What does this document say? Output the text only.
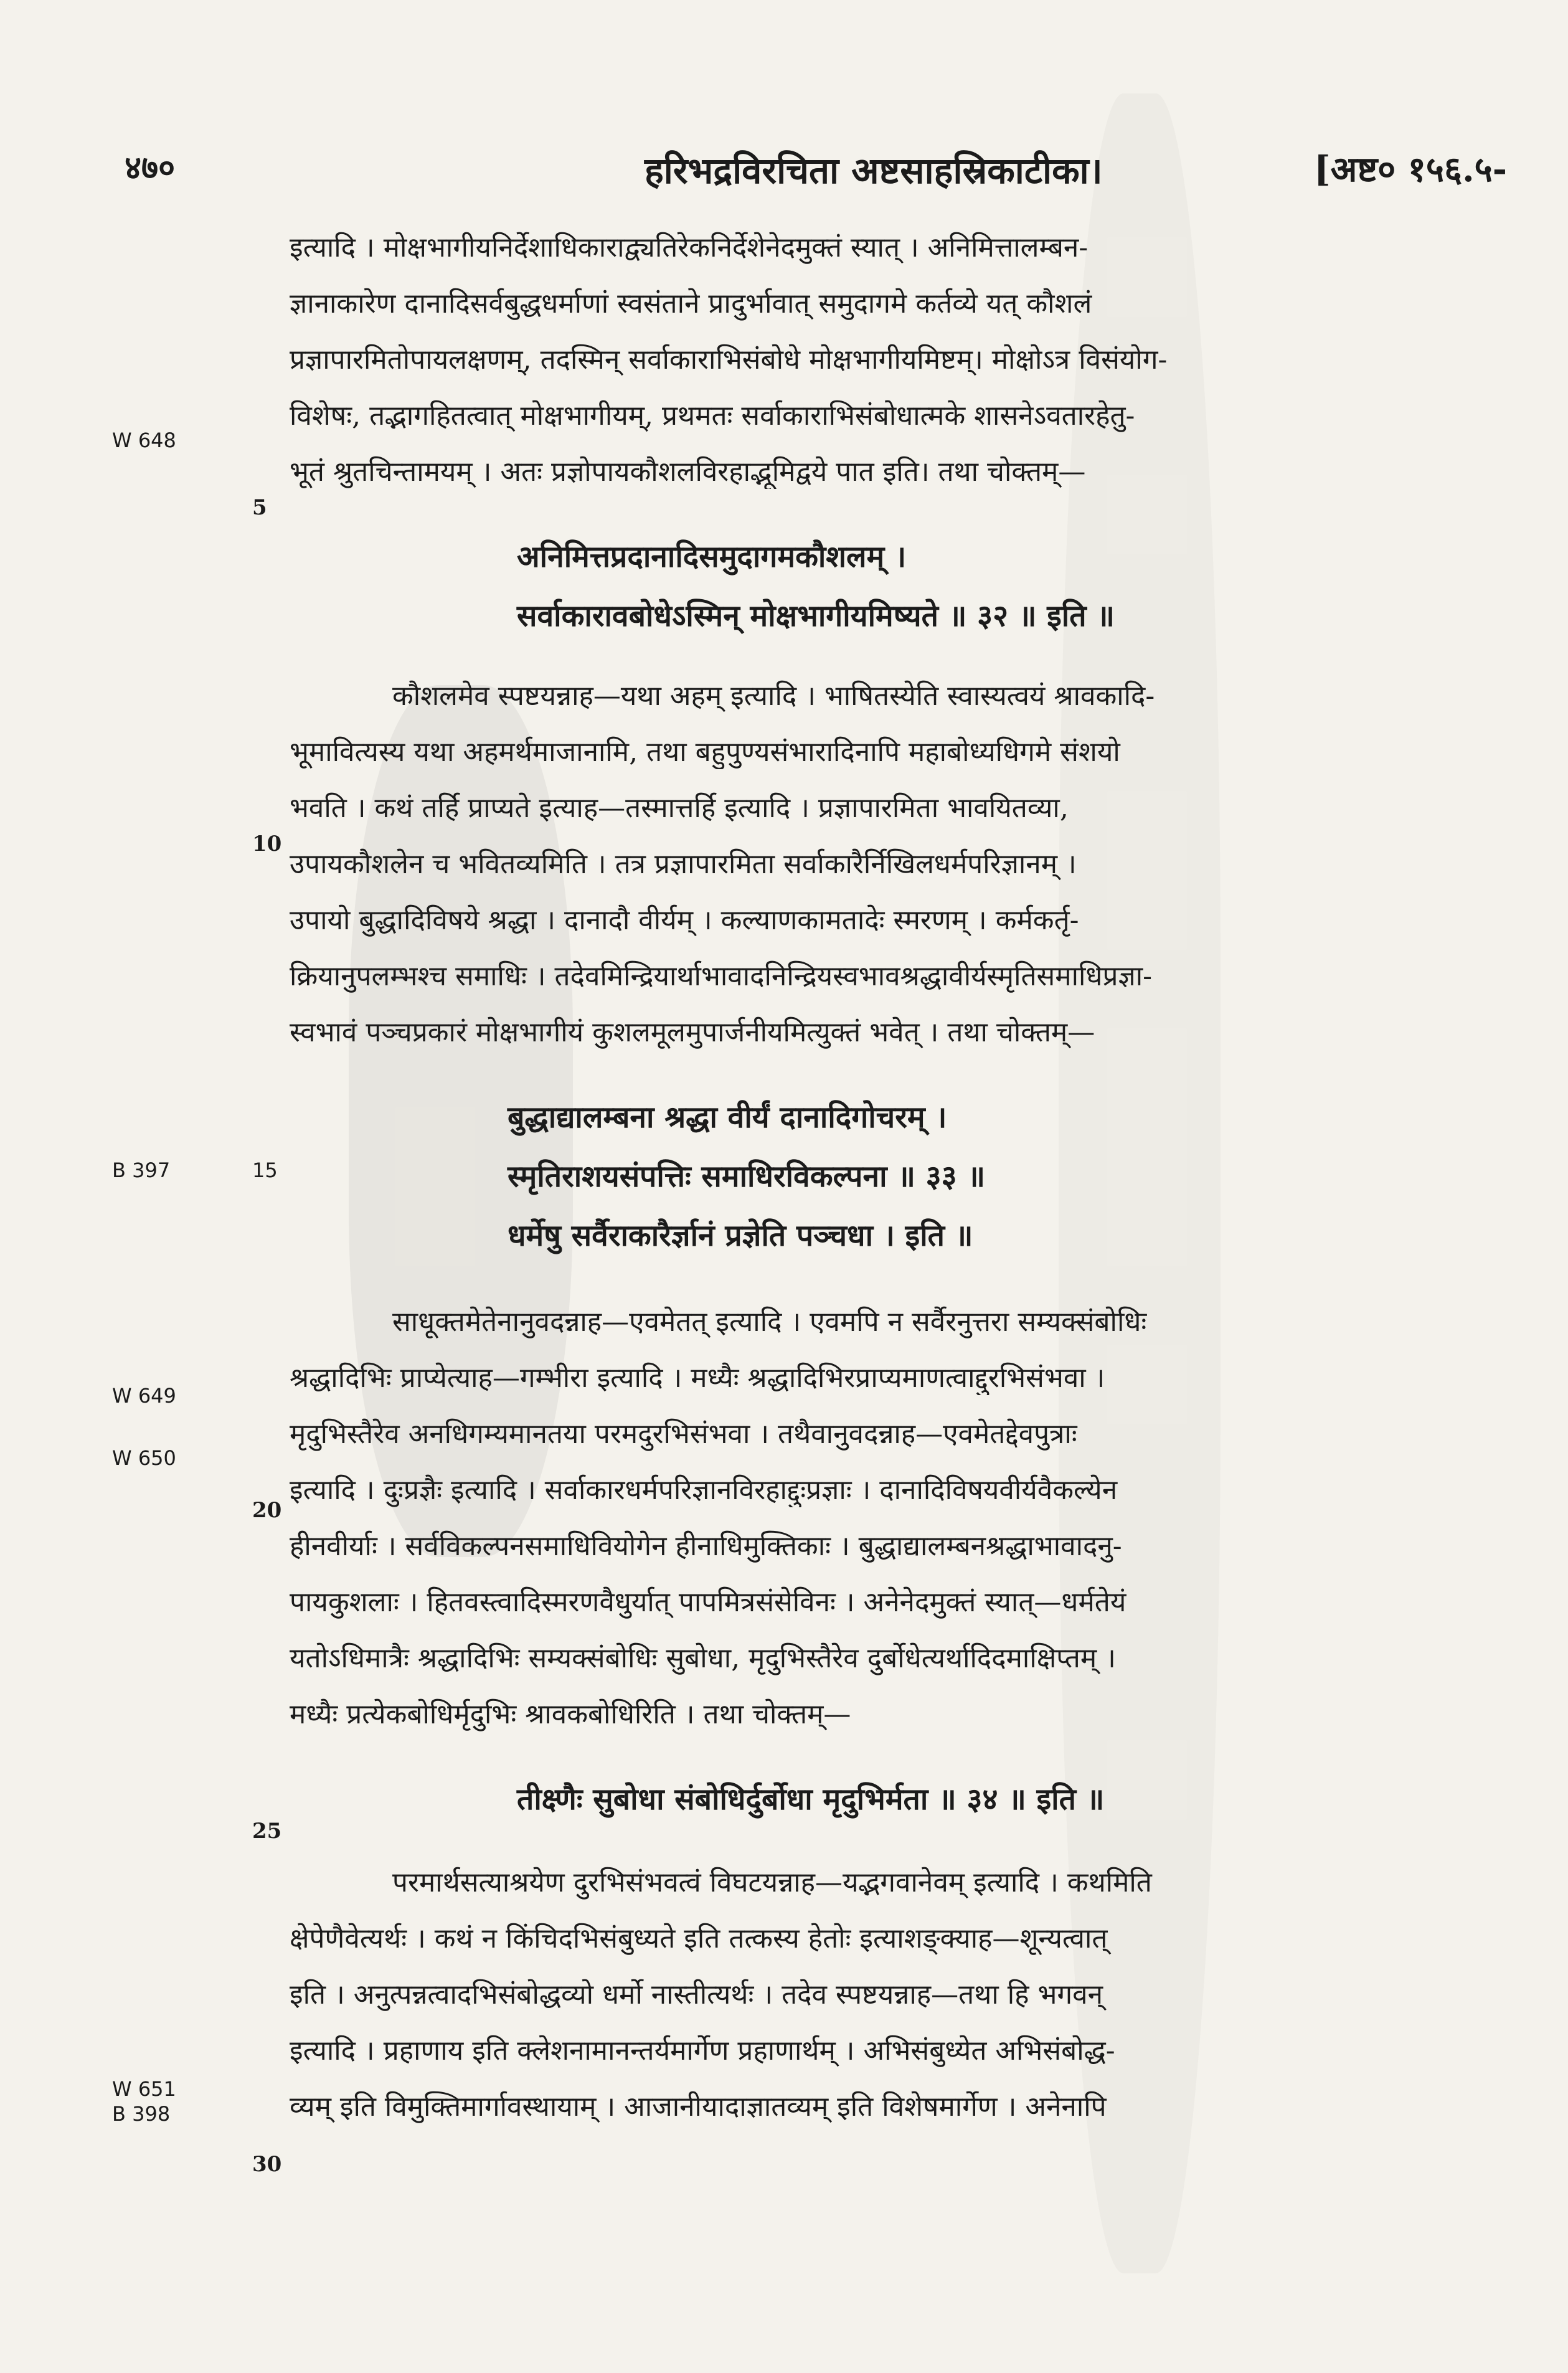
४७०	हरिभद्रविरचिता अष्टसाहस्रिकाटीका।	[अष्ट० १५६.५-
W 648
B 397
W 649
W 650
W 651
B 398
5
10
15
20
25
30
इत्यादि । मोक्षभागीयनिर्देशाधिकाराद्व्यतिरेकनिर्देशेनेदमुक्तं स्यात् । अनिमित्तालम्बन-
ज्ञानाकारेण दानादिसर्वबुद्धधर्माणां स्वसंताने प्रादुर्भावात् समुदागमे कर्तव्ये यत् कौशलं
प्रज्ञापारमितोपायलक्षणम्, तदस्मिन् सर्वाकाराभिसंबोधे मोक्षभागीयमिष्टम्। मोक्षोऽत्र विसंयोग-
विशेषः, तद्भागहितत्वात् मोक्षभागीयम्, प्रथमतः सर्वाकाराभिसंबोधात्मके शासनेऽवतारहेतु-
भूतं श्रुतचिन्तामयम् । अतः प्रज्ञोपायकौशलविरहाद्भूमिद्वये पात इति। तथा चोक्तम्—
अनिमित्तप्रदानादिसमुदागमकौशलम् ।
सर्वाकारावबोधेऽस्मिन् मोक्षभागीयमिष्यते ॥ ३२ ॥ इति ॥
कौशलमेव स्पष्टयन्नाह—यथा अहम् इत्यादि । भाषितस्येति स्वास्यत्वयं श्रावकादि-
भूमावित्यस्य यथा अहमर्थमाजानामि, तथा बहुपुण्यसंभारादिनापि महाबोध्यधिगमे संशयो
भवति । कथं तर्हि प्राप्यते इत्याह—तस्मात्तर्हि इत्यादि । प्रज्ञापारमिता भावयितव्या,
उपायकौशलेन च भवितव्यमिति । तत्र प्रज्ञापारमिता सर्वाकारैर्निखिलधर्मपरिज्ञानम् ।
उपायो बुद्धादिविषये श्रद्धा । दानादौ वीर्यम् । कल्याणकामतादेः स्मरणम् । कर्मकर्तृ-
क्रियानुपलम्भश्च समाधिः । तदेवमिन्द्रियार्थाभावादनिन्द्रियस्वभावश्रद्धावीर्यस्मृतिसमाधिप्रज्ञा-
स्वभावं पञ्चप्रकारं मोक्षभागीयं कुशलमूलमुपार्जनीयमित्युक्तं भवेत् । तथा चोक्तम्—
बुद्धाद्यालम्बना श्रद्धा वीर्यं दानादिगोचरम् ।
स्मृतिराशयसंपत्तिः समाधिरविकल्पना ॥ ३३ ॥
धर्मेषु सर्वैराकारैर्ज्ञानं प्रज्ञेति पञ्चधा । इति ॥
साधूक्तमेतेनानुवदन्नाह—एवमेतत् इत्यादि । एवमपि न सर्वैरनुत्तरा सम्यक्संबोधिः
श्रद्धादिभिः प्राप्येत्याह—गम्भीरा इत्यादि । मध्यैः श्रद्धादिभिरप्राप्यमाणत्वाद्दुरभिसंभवा ।
मृदुभिस्तैरेव अनधिगम्यमानतया परमदुरभिसंभवा । तथैवानुवदन्नाह—एवमेतद्देवपुत्राः
इत्यादि । दुःप्रज्ञैः इत्यादि । सर्वाकारधर्मपरिज्ञानविरहाद्दुःप्रज्ञाः । दानादिविषयवीर्यवैकल्येन
हीनवीर्याः । सर्वविकल्पनसमाधिवियोगेन हीनाधिमुक्तिकाः । बुद्धाद्यालम्बनश्रद्धाभावादनु-
पायकुशलाः । हितवस्त्वादिस्मरणवैधुर्यात् पापमित्रसंसेविनः । अनेनेदमुक्तं स्यात्—धर्मतेयं
यतोऽधिमात्रैः श्रद्धादिभिः सम्यक्संबोधिः सुबोधा, मृदुभिस्तैरेव दुर्बोधेत्यर्थादिदमाक्षिप्तम् ।
मध्यैः प्रत्येकबोधिर्मृदुभिः श्रावकबोधिरिति । तथा चोक्तम्—
तीक्ष्णैः सुबोधा संबोधिर्दुर्बोधा मृदुभिर्मता ॥ ३४ ॥ इति ॥
परमार्थसत्याश्रयेण दुरभिसंभवत्वं विघटयन्नाह—यद्भगवानेवम् इत्यादि । कथमिति
क्षेपेणैवेत्यर्थः । कथं न किंचिदभिसंबुध्यते इति तत्कस्य हेतोः इत्याशङ्क्याह—शून्यत्वात्
इति । अनुत्पन्नत्वादभिसंबोद्धव्यो धर्मो नास्तीत्यर्थः । तदेव स्पष्टयन्नाह—तथा हि भगवन्
इत्यादि । प्रहाणाय इति क्लेशनामानन्तर्यमार्गेण प्रहाणार्थम् । अभिसंबुध्येत अभिसंबोद्ध-
व्यम् इति विमुक्तिमार्गावस्थायाम् । आजानीयादाज्ञातव्यम् इति विशेषमार्गेण । अनेनापि
